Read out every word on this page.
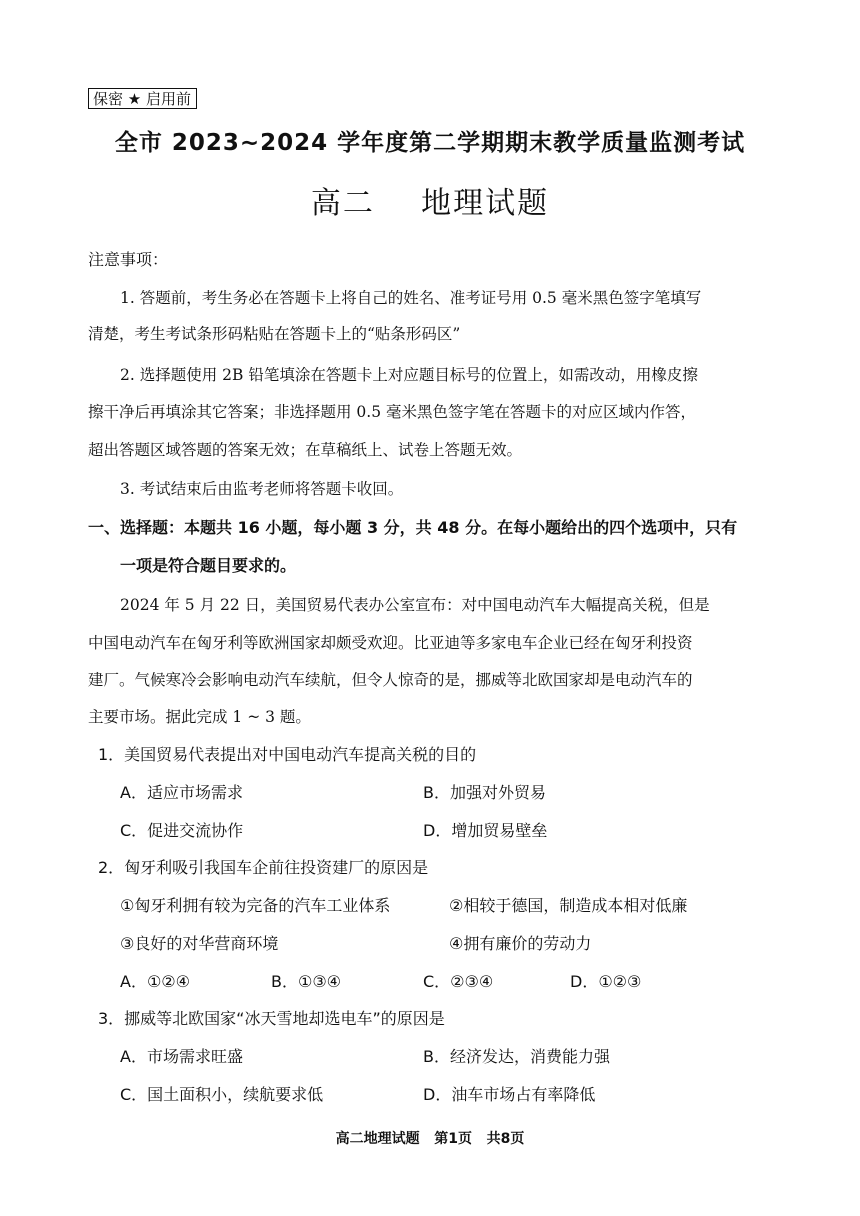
保密 ★ 启用前
全市 2023~2024 学年度第二学期期末教学质量监测考试
高二    地理试题
注意事项：
1. 答题前，考生务必在答题卡上将自己的姓名、准考证号用 0.5 毫米黑色签字笔填写
清楚，考生考试条形码粘贴在答题卡上的“贴条形码区”
2. 选择题使用 2B 铅笔填涂在答题卡上对应题目标号的位置上，如需改动，用橡皮擦
擦干净后再填涂其它答案；非选择题用 0.5 毫米黑色签字笔在答题卡的对应区域内作答，
超出答题区域答题的答案无效；在草稿纸上、试卷上答题无效。
3. 考试结束后由监考老师将答题卡收回。
一、选择题：本题共 16 小题，每小题 3 分，共 48 分。在每小题给出的四个选项中，只有
一项是符合题目要求的。
2024 年 5 月 22 日，美国贸易代表办公室宣布：对中国电动汽车大幅提高关税，但是
中国电动汽车在匈牙利等欧洲国家却颇受欢迎。比亚迪等多家电车企业已经在匈牙利投资
建厂。气候寒冷会影响电动汽车续航，但令人惊奇的是，挪威等北欧国家却是电动汽车的
主要市场。据此完成 1 ~ 3 题。
1．美国贸易代表提出对中国电动汽车提高关税的目的
A．适应市场需求	B．加强对外贸易
C．促进交流协作	D．增加贸易壁垒
2．匈牙利吸引我国车企前往投资建厂的原因是
①匈牙利拥有较为完备的汽车工业体系	②相较于德国，制造成本相对低廉
③良好的对华营商环境	④拥有廉价的劳动力
A．①②④	B．①③④	C．②③④	D．①②③
3．挪威等北欧国家“冰天雪地却选电车”的原因是
A．市场需求旺盛	B．经济发达，消费能力强
C．国土面积小，续航要求低	D．油车市场占有率降低
高二地理试题   第1页   共8页
